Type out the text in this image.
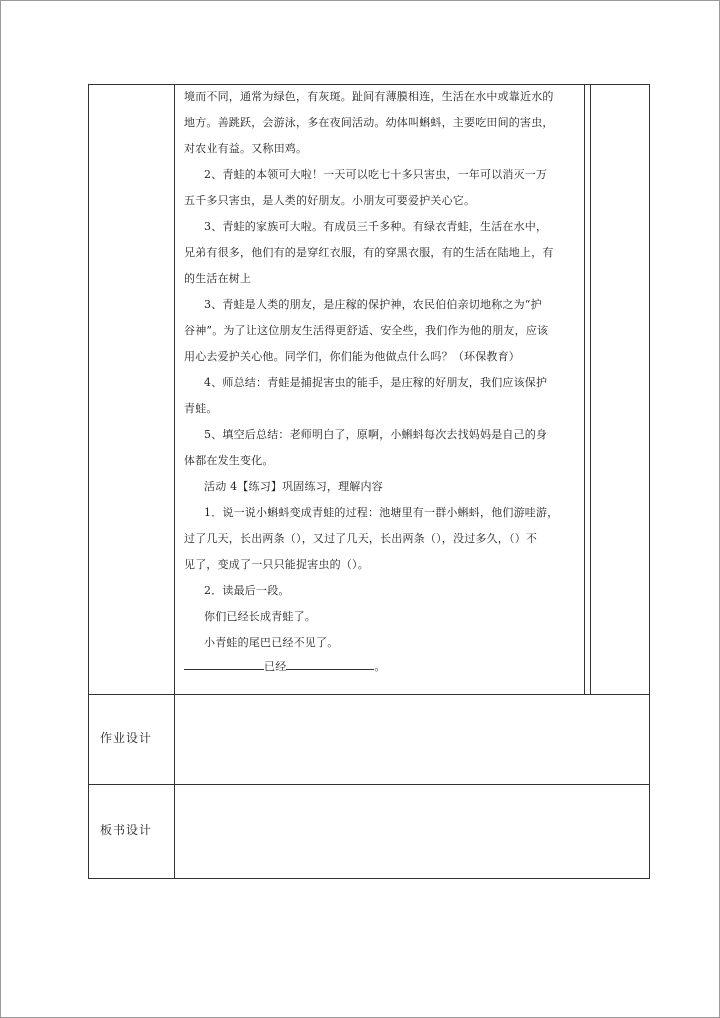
境而不同，通常为绿色，有灰斑。趾间有薄膜相连，生活在水中或靠近水的

地方。善跳跃，会游泳，多在夜间活动。幼体叫蝌蚪，主要吃田间的害虫，

对农业有益。又称田鸡。

2、青蛙的本领可大啦！一天可以吃七十多只害虫，一年可以消灭一万

五千多只害虫，是人类的好朋友。小朋友可要爱护关心它。

3、青蛙的家族可大啦。有成员三千多种。有绿衣青蛙，生活在水中，

兄弟有很多，他们有的是穿红衣服，有的穿黑衣服，有的生活在陆地上，有

的生活在树上

3、青蛙是人类的朋友，是庄稼的保护神，农民伯伯亲切地称之为“护

谷神”。为了让这位朋友生活得更舒适、安全些，我们作为他的朋友，应该

用心去爱护关心他。同学们，你们能为他做点什么吗？（环保教育）

4、师总结：青蛙是捕捉害虫的能手，是庄稼的好朋友，我们应该保护

青蛙。

5、填空后总结：老师明白了，原啊，小蝌蚪每次去找妈妈是自己的身

体都在发生变化。

活动 4【练习】巩固练习，理解内容

1．说一说小蝌蚪变成青蛙的过程：池塘里有一群小蝌蚪，他们游哇游，

过了几天，长出两条（），又过了几天，长出两条（），没过多久，（）不

见了，变成了一只只能捉害虫的（）。

2．读最后一段。

你们已经长成青蛙了。

小青蛙的尾巴已经不见了。

已经	。

作业设计
板书设计
